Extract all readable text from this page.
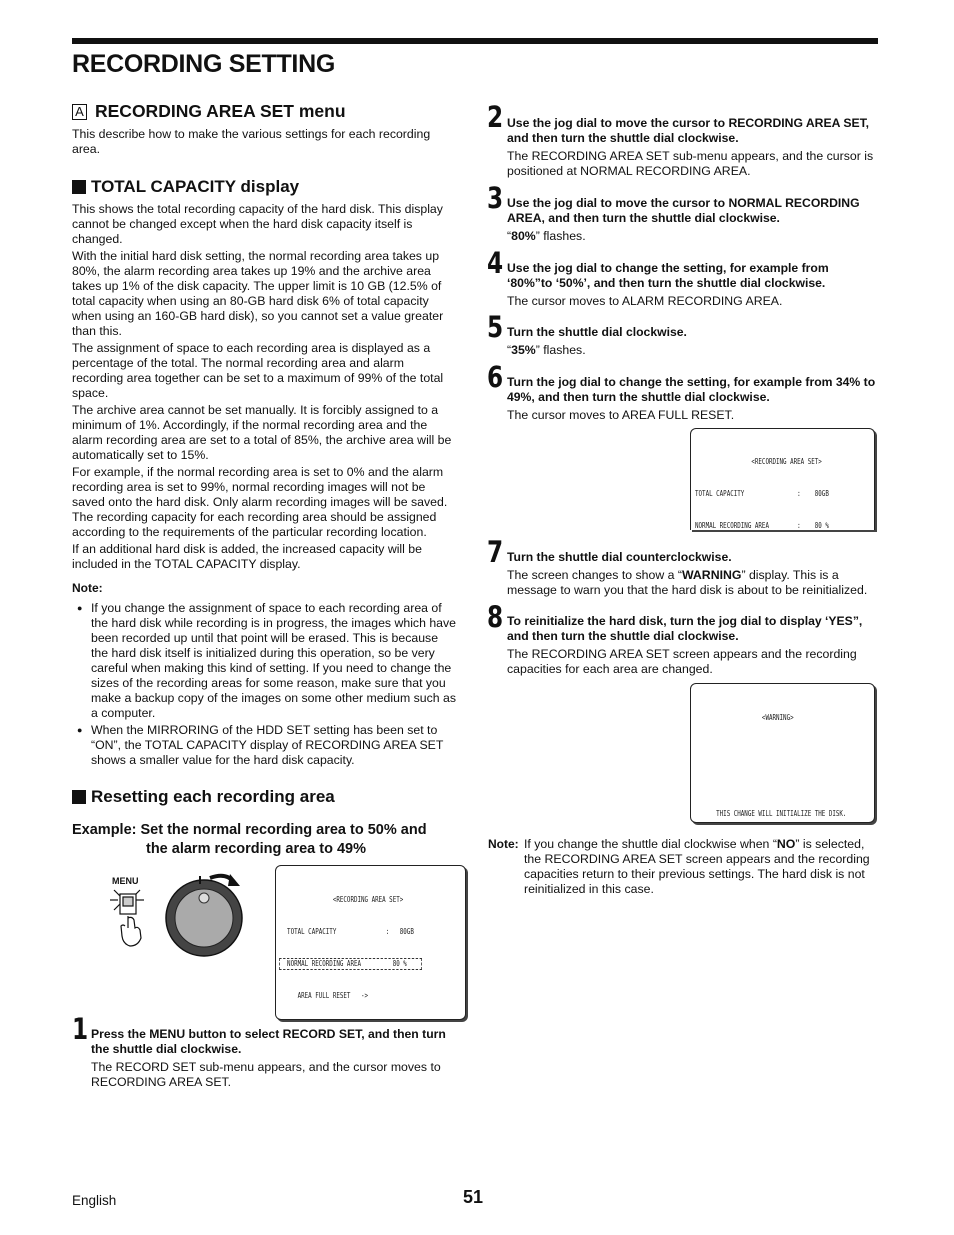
RECORDING SETTING
A RECORDING AREA SET menu
This describe how to make the various settings for each recording area.
TOTAL CAPACITY display

This shows the total recording capacity of the hard disk. This display cannot be changed except when the hard disk capacity itself is changed.

With the initial hard disk setting, the normal recording area takes up 80%, the alarm recording area takes up 19% and the archive area takes up 1% of the disk capacity. The upper limit is 10 GB (12.5% of total capacity when using an 80-GB hard disk 6% of total capacity when using an 160-GB hard disk), so you cannot set a value greater than this.

The assignment of space to each recording area is displayed as a percentage of the total. The normal recording area and alarm recording area together can be set to a maximum of 99% of the total space.

The archive area cannot be set manually. It is forcibly assigned to a minimum of 1%. Accordingly, if the normal recording area and the alarm recording area are set to a total of 85%, the archive area will be automatically set to 15%.

For example, if the normal recording area is set to 0% and the alarm recording area is set to 99%, normal recording images will not be saved onto the hard disk. Only alarm recording images will be saved. The recording capacity for each recording area should be assigned according to the requirements of the particular recording location.

If an additional hard disk is added, the increased capacity will be included in the TOTAL CAPACITY display.

Note:

● If you change the assignment of space to each recording area of the hard disk while recording is in progress, the images which have been recorded up until that point will be erased. This is because the hard disk itself is initialized during this operation, so be very careful when making this kind of setting. If you need to change the sizes of the recording areas for some reason, make sure that you make a backup copy of the images on some other medium such as a computer.

● When the MIRRORING of the HDD SET setting has been set to “ON”, the TOTAL CAPACITY display of RECORDING AREA SET shows a smaller value for the hard disk capacity.

Resetting each recording area
Example: Set the normal recording area to 50% and
the alarm recording area to 49%
MENU

<RECORDING AREA SET>

TOTAL CAPACITY              :   80GB

NORMAL RECORDING AREA         80 %

AREA FULL RESET   ->

1 Press the MENU button to select RECORD SET, and then turn the shuttle dial clockwise.
The RECORD SET sub-menu appears, and the cursor moves to RECORDING AREA SET.
2 Use the jog dial to move the cursor to RECORDING AREA SET, and then turn the shuttle dial clockwise.
The RECORDING AREA SET sub-menu appears, and the cursor is positioned at NORMAL RECORDING AREA.
3 Use the jog dial to move the cursor to NORMAL RECORDING AREA, and then turn the shuttle dial clockwise.
“80%” flashes.
4 Use the jog dial to change the setting, for example from ‘80%”to ‘50%’, and then turn the shuttle dial clockwise.
The cursor moves to ALARM RECORDING AREA.
5 Turn the shuttle dial clockwise.
“35%” flashes.
6 Turn the jog dial to change the setting, for example from 34% to 49%, and then turn the shuttle dial clockwise.
The cursor moves to AREA FULL RESET.

<RECORDING AREA SET>

TOTAL CAPACITY               :    80GB

NORMAL RECORDING AREA        :    80 %

7 Turn the shuttle dial counterclockwise.
The screen changes to show a “WARNING” display. This is a message to warn you that the hard disk is about to be reinitialized.
8 To reinitialize the hard disk, turn the jog dial to display ‘YES”, and then turn the shuttle dial clockwise.
The RECORDING AREA SET screen appears and the recording capacities for each area are changed.

<WARNING>

THIS CHANGE WILL INITIALIZE THE DISK.

Note: If you change the shuttle dial clockwise when “NO” is selected, the RECORDING AREA SET screen appears and the recording capacities return to their previous settings. The hard disk is not reinitialized in this case.
English	51
